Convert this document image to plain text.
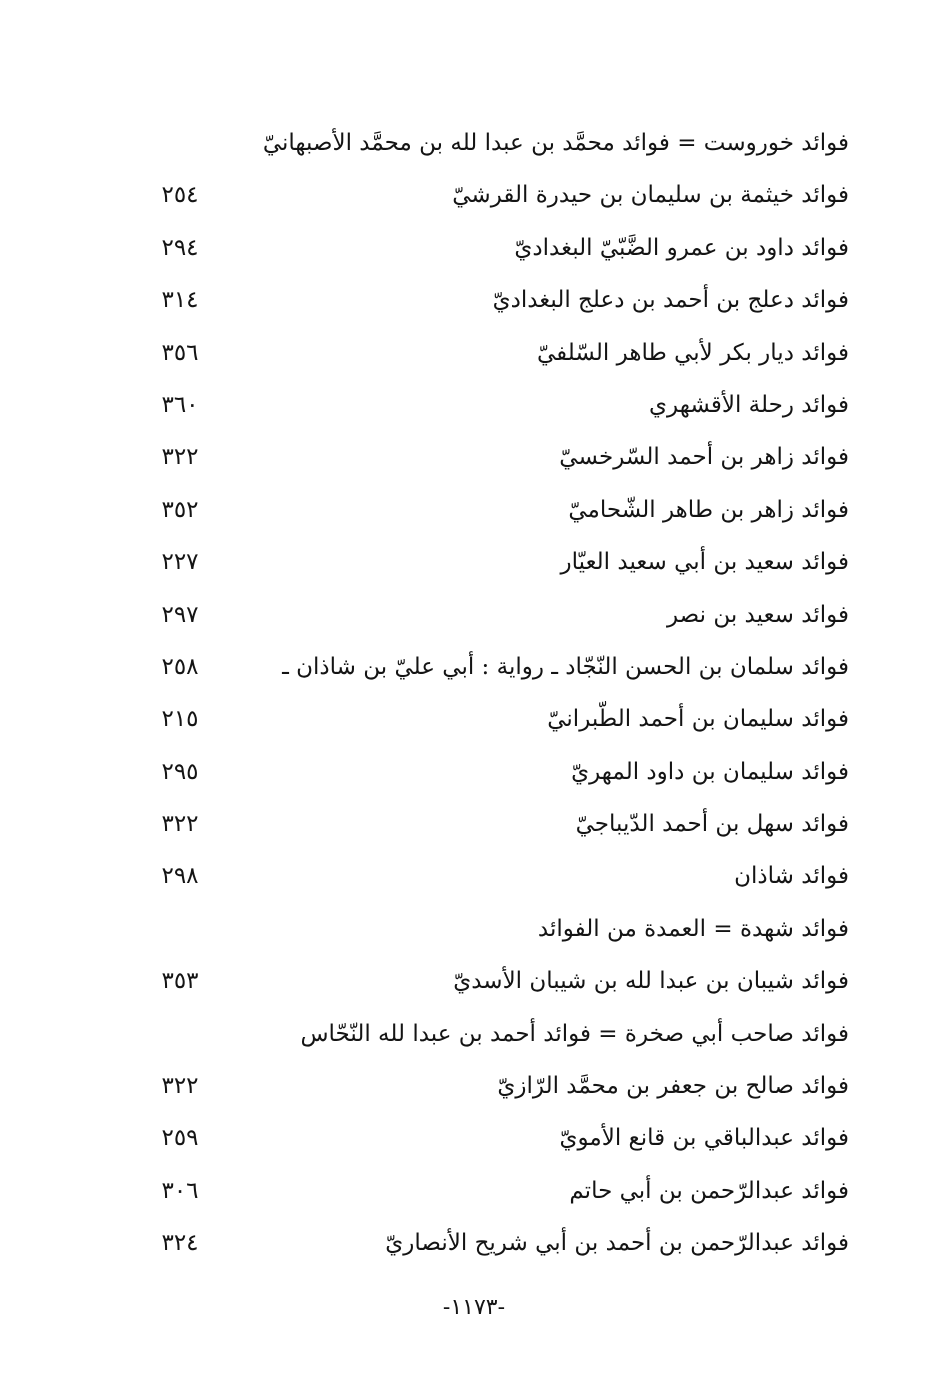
فوائد خوروست = فوائد محمَّد بن عبدا لله بن محمَّد الأصبهانيّ
فوائد خيثمة بن سليمان بن حيدرة القرشيّ
٢٥٤
فوائد داود بن عمرو الضَّبّيّ البغداديّ
٢٩٤
فوائد دعلج بن أحمد بن دعلج البغداديّ
٣١٤
فوائد ديار بكر لأبي طاهر السّلفيّ
٣٥٦
فوائد رحلة الأقشهري
٣٦٠
فوائد زاهر بن أحمد السّرخسيّ
٣٢٢
فوائد زاهر بن طاهر الشّحاميّ
٣٥٢
فوائد سعيد بن أبي سعيد العيّار
٢٢٧
فوائد سعيد بن نصر
٢٩٧
فوائد سلمان بن الحسن النّجّاد ـ رواية : أبي عليّ بن شاذان ـ
٢٥٨
فوائد سليمان بن أحمد الطّبرانيّ
٢١٥
فوائد سليمان بن داود المهريّ
٢٩٥
فوائد سهل بن أحمد الدّيباجيّ
٣٢٢
فوائد شاذان
٢٩٨
فوائد شهدة = العمدة من الفوائد
فوائد شيبان بن عبدا لله بن شيبان الأسديّ
٣٥٣
فوائد صاحب أبي صخرة = فوائد أحمد بن عبدا لله النّحّاس
فوائد صالح بن جعفر بن محمَّد الرّازيّ
٣٢٢
فوائد عبدالباقي بن قانع الأمويّ
٢٥٩
فوائد عبدالرّحمن بن أبي حاتم
٣٠٦
فوائد عبدالرّحمن بن أحمد بن أبي شريح الأنصاريّ
٣٢٤
-١١٧٣-
